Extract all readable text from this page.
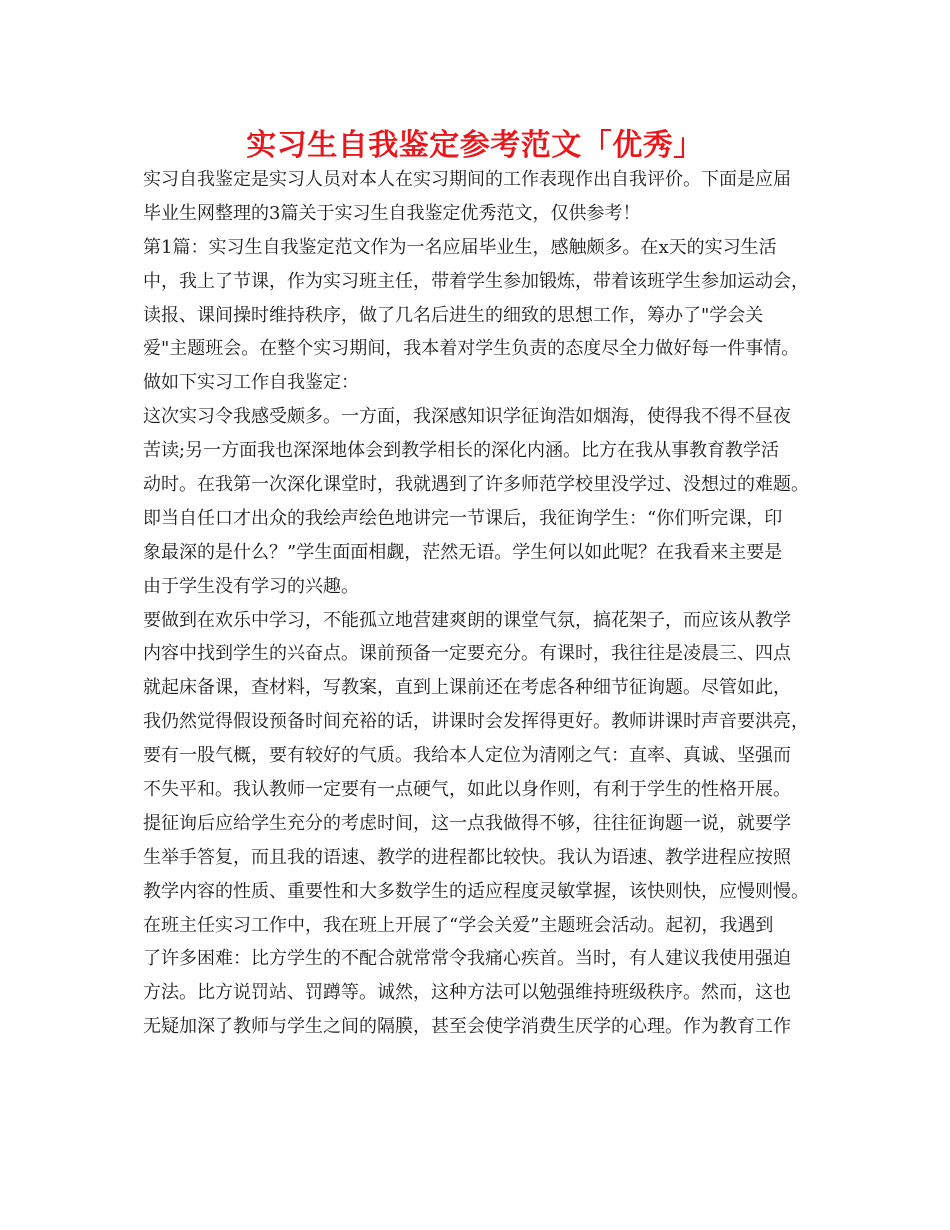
实习生自我鉴定参考范文「优秀」
实习自我鉴定是实习人员对本人在实习期间的工作表现作出自我评价。下面是应届
毕业生网整理的3篇关于实习生自我鉴定优秀范文，仅供参考！
第1篇：实习生自我鉴定范文作为一名应届毕业生，感触颇多。在x天的实习生活
中，我上了节课，作为实习班主任，带着学生参加锻炼，带着该班学生参加运动会，
读报、课间操时维持秩序，做了几名后进生的细致的思想工作，筹办了"学会关
爱"主题班会。在整个实习期间，我本着对学生负责的态度尽全力做好每一件事情。
做如下实习工作自我鉴定：
这次实习令我感受颇多。一方面，我深感知识学征询浩如烟海，使得我不得不昼夜
苦读;另一方面我也深深地体会到教学相长的深化内涵。比方在我从事教育教学活
动时。在我第一次深化课堂时，我就遇到了许多师范学校里没学过、没想过的难题。
即当自任口才出众的我绘声绘色地讲完一节课后，我征询学生：“你们听完课，印
象最深的是什么？”学生面面相觑，茫然无语。学生何以如此呢？在我看来主要是
由于学生没有学习的兴趣。
要做到在欢乐中学习，不能孤立地营建爽朗的课堂气氛，搞花架子，而应该从教学
内容中找到学生的兴奋点。课前预备一定要充分。有课时，我往往是凌晨三、四点
就起床备课，查材料，写教案，直到上课前还在考虑各种细节征询题。尽管如此，
我仍然觉得假设预备时间充裕的话，讲课时会发挥得更好。教师讲课时声音要洪亮，
要有一股气概，要有较好的气质。我给本人定位为清刚之气：直率、真诚、坚强而
不失平和。我认教师一定要有一点硬气，如此以身作则，有利于学生的性格开展。
提征询后应给学生充分的考虑时间，这一点我做得不够，往往征询题一说，就要学
生举手答复，而且我的语速、教学的进程都比较快。我认为语速、教学进程应按照
教学内容的性质、重要性和大多数学生的适应程度灵敏掌握，该快则快，应慢则慢。
在班主任实习工作中，我在班上开展了“学会关爱”主题班会活动。起初，我遇到
了许多困难：比方学生的不配合就常常令我痛心疾首。当时，有人建议我使用强迫
方法。比方说罚站、罚蹲等。诚然，这种方法可以勉强维持班级秩序。然而，这也
无疑加深了教师与学生之间的隔膜，甚至会使学消费生厌学的心理。作为教育工作
